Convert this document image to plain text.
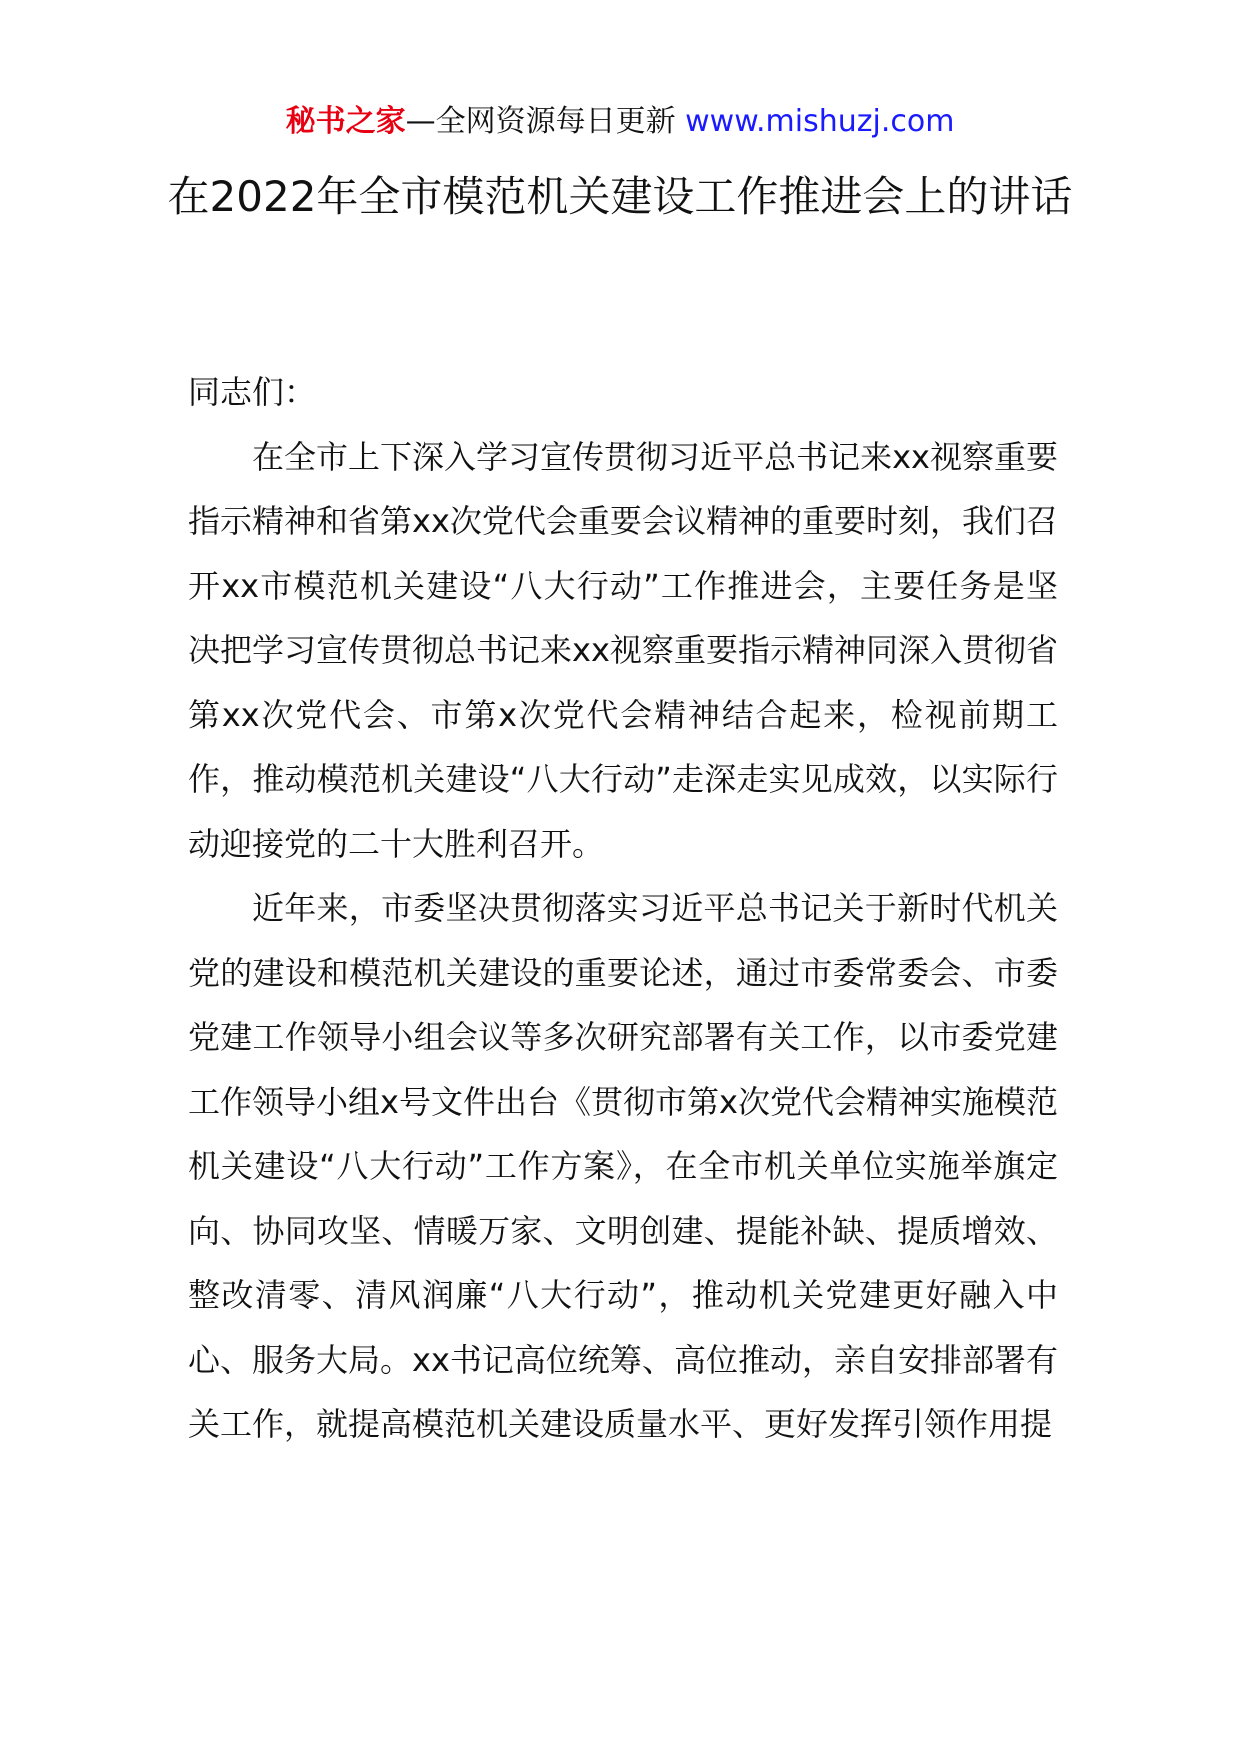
秘书之家—全网资源每日更新 www.mishuzj.com
在2022年全市模范机关建设工作推进会上的讲话

同志们：

在全市上下深入学习宣传贯彻习近平总书记来xx视察重要指示精神和省第xx次党代会重要会议精神的重要时刻，我们召开xx市模范机关建设“八大行动”工作推进会，主要任务是坚决把学习宣传贯彻总书记来xx视察重要指示精神同深入贯彻省第xx次党代会、市第x次党代会精神结合起来，检视前期工作，推动模范机关建设“八大行动”走深走实见成效，以实际行动迎接党的二十大胜利召开。

近年来，市委坚决贯彻落实习近平总书记关于新时代机关党的建设和模范机关建设的重要论述，通过市委常委会、市委党建工作领导小组会议等多次研究部署有关工作，以市委党建工作领导小组x号文件出台《贯彻市第x次党代会精神实施模范机关建设“八大行动”工作方案》，在全市机关单位实施举旗定向、协同攻坚、情暖万家、文明创建、提能补缺、提质增效、整改清零、清风润廉“八大行动”，推动机关党建更好融入中心、服务大局。xx书记高位统筹、高位推动，亲自安排部署有关工作，就提高模范机关建设质量水平、更好发挥引领作用提
